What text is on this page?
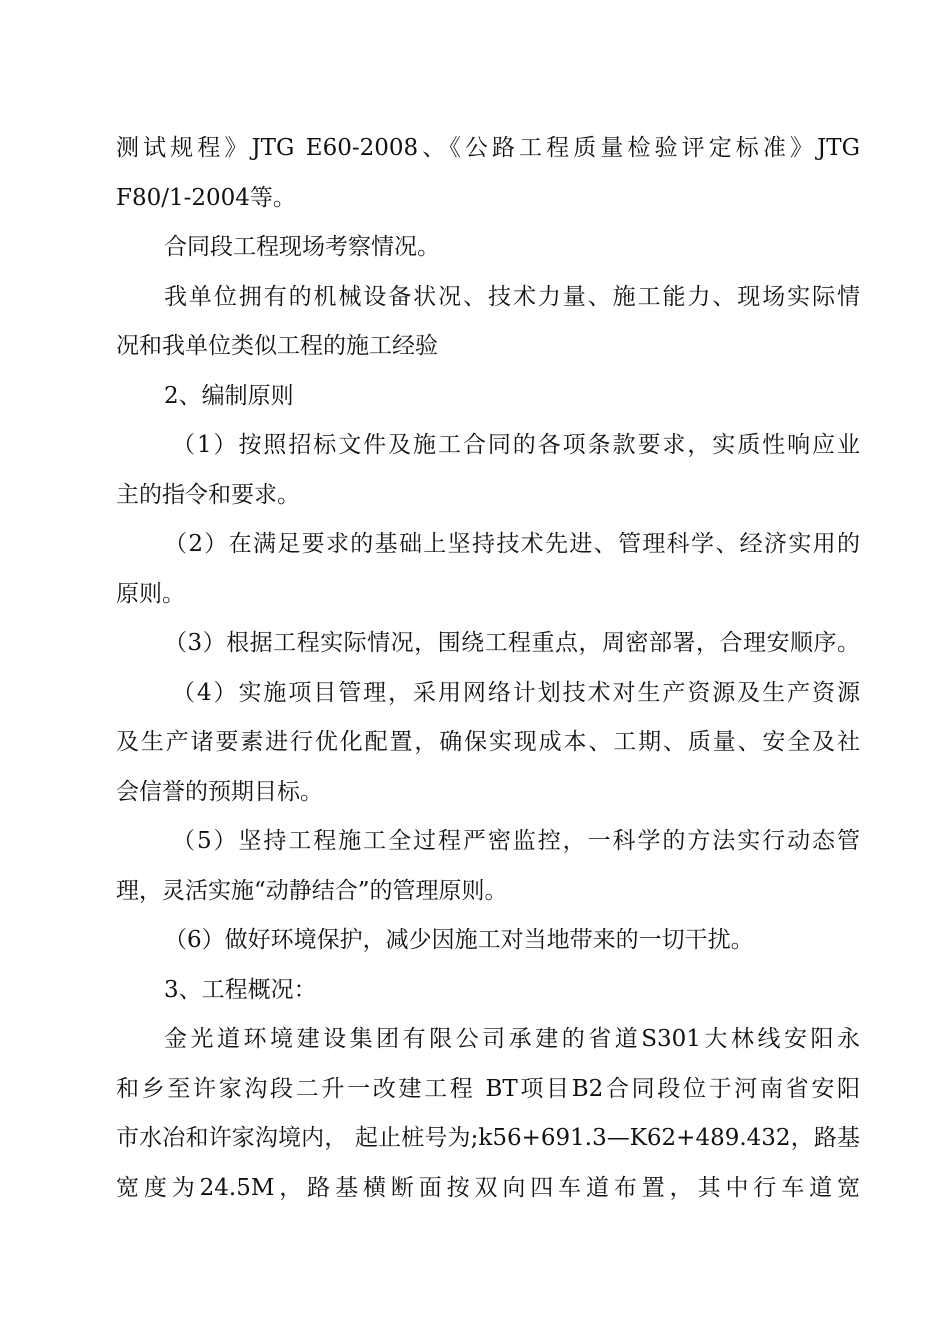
测试规程》JTG E60-2008、《公路工程质量检验评定标准》JTG
F80/1-2004等。
合同段工程现场考察情况。
我单位拥有的机械设备状况、技术力量、施工能力、现场实际情
况和我单位类似工程的施工经验
2、编制原则
（1）按照招标文件及施工合同的各项条款要求，实质性响应业
主的指令和要求。
（2）在满足要求的基础上坚持技术先进、管理科学、经济实用的
原则。
（3）根据工程实际情况，围绕工程重点，周密部署，合理安顺序。
（4）实施项目管理，采用网络计划技术对生产资源及生产资源
及生产诸要素进行优化配置，确保实现成本、工期、质量、安全及社
会信誉的预期目标。
（5）坚持工程施工全过程严密监控，一科学的方法实行动态管
理，灵活实施“动静结合”的管理原则。
（6）做好环境保护，减少因施工对当地带来的一切干扰。
3、工程概况：
金光道环境建设集团有限公司承建的省道S301大林线安阳永
和乡至许家沟段二升一改建工程 BT项目B2合同段位于河南省安阳
市水冶和许家沟境内， 起止桩号为;k56+691.3—K62+489.432，路基
宽度为24.5M，路基横断面按双向四车道布置，其中行车道宽
